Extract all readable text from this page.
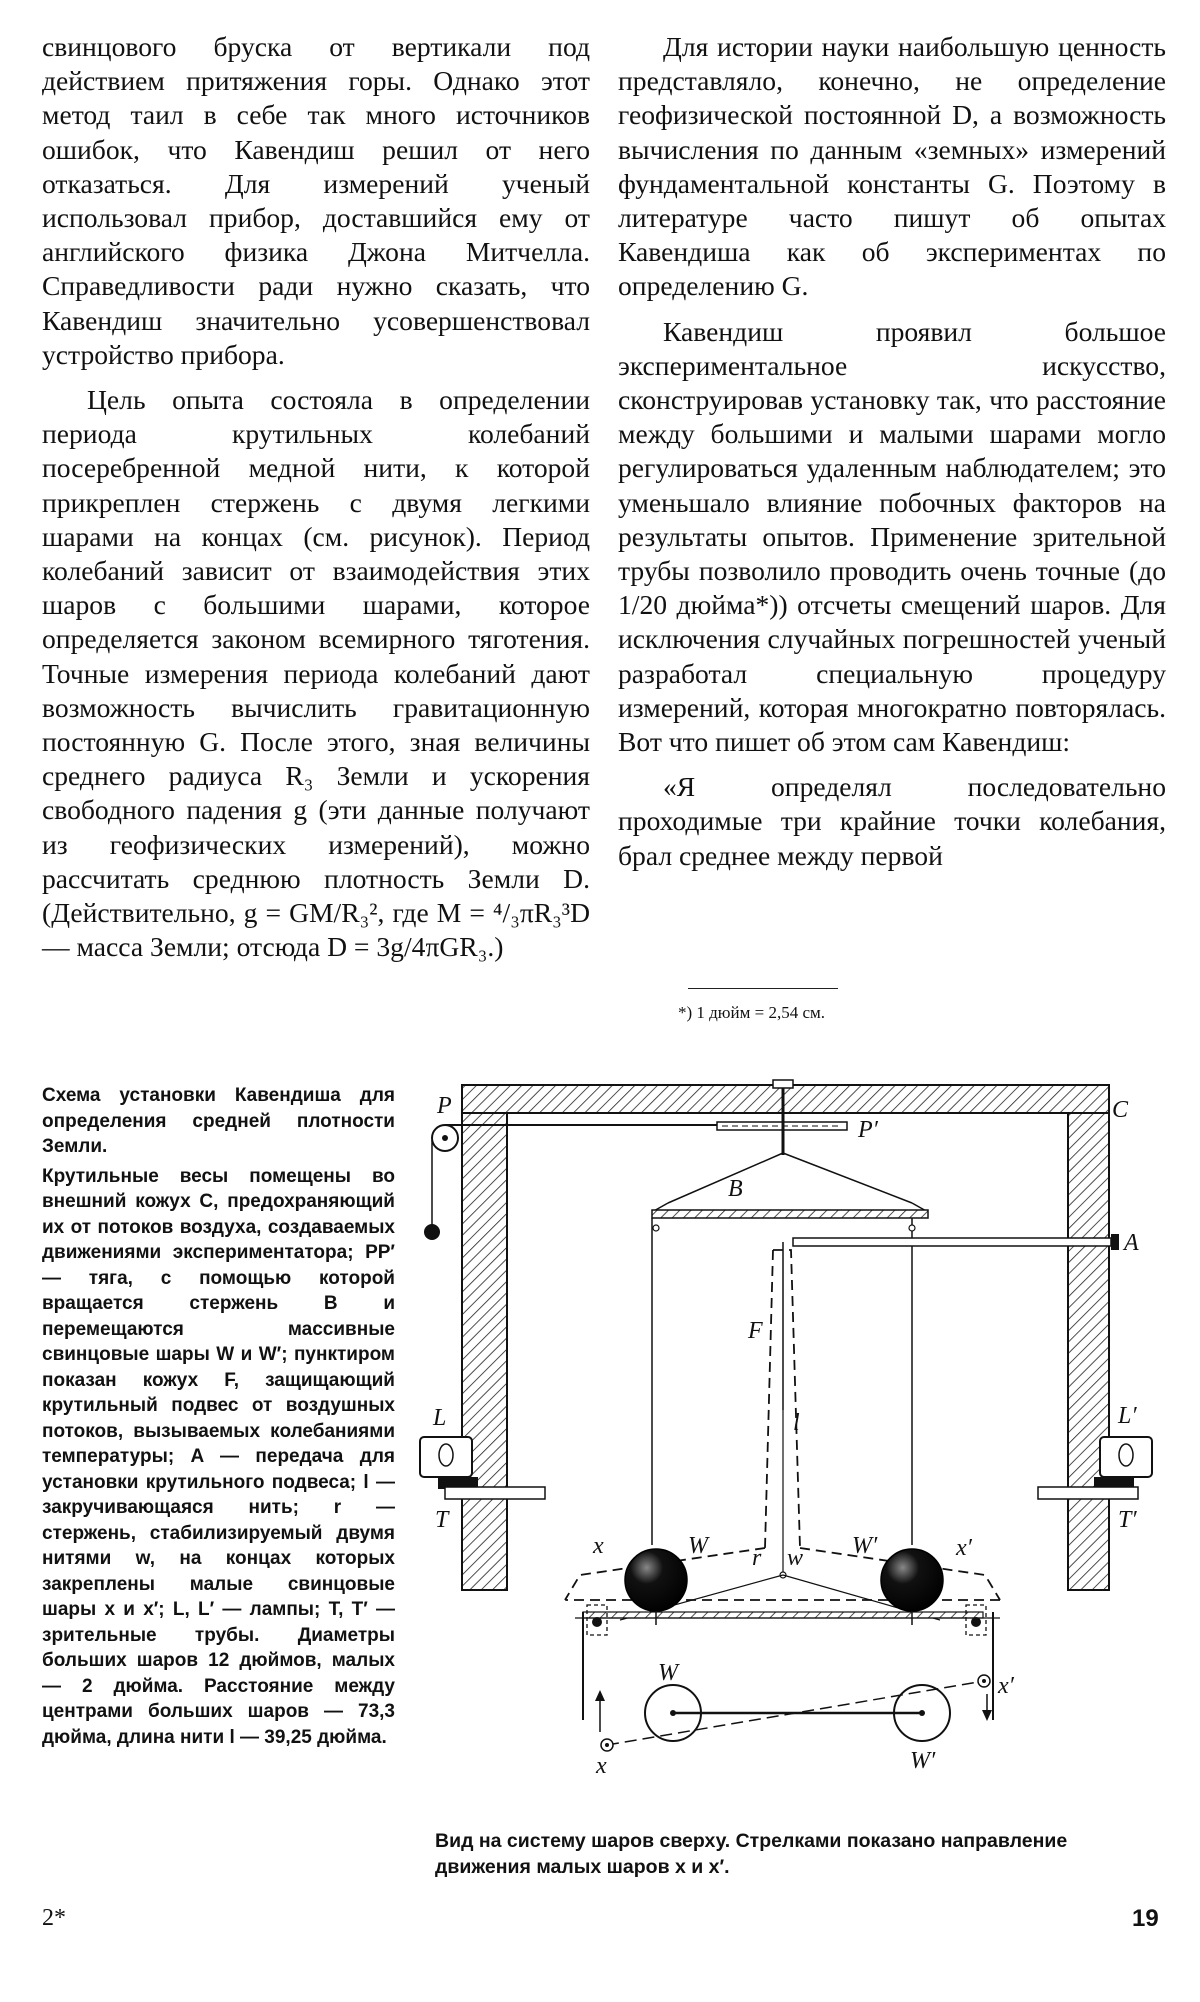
свинцового бруска от вертикали под действием притяжения горы. Однако этот метод таил в себе так много источников ошибок, что Кавендиш решил от него отказаться. Для измерений ученый использовал прибор, доставшийся ему от английского физика Джона Митчелла. Справедливости ради нужно сказать, что Кавендиш значительно усовершенствовал устройство прибора.

Цель опыта состояла в определении периода крутильных колебаний посеребренной медной нити, к которой прикреплен стержень с двумя легкими шарами на концах (см. рисунок). Период колебаний зависит от взаимодействия этих шаров с большими шарами, которое определяется законом всемирного тяготения. Точные измерения периода колебаний дают возможность вычислить гравитационную постоянную G. После этого, зная величины среднего радиуса R₃ Земли и ускорения свободного падения g (эти данные получают из геофизических измерений), можно рассчитать среднюю плотность Земли D. (Действительно, g = GM/R₃², где M = ⁴/₃πR₃³D — масса Земли; отсюда D = 3g/4πGR₃.)

Для истории науки наибольшую ценность представляло, конечно, не определение геофизической постоянной D, а возможность вычисления по данным «земных» измерений фундаментальной константы G. Поэтому в литературе часто пишут об опытах Кавендиша как об экспериментах по определению G.

Кавендиш проявил большое экспериментальное искусство, сконструировав установку так, что расстояние между большими и малыми шарами могло регулироваться удаленным наблюдателем; это уменьшало влияние побочных факторов на результаты опытов. Применение зрительной трубы позволило проводить очень точные (до 1/20 дюйма*)) отсчеты смещений шаров. Для исключения случайных погрешностей ученый разработал специальную процедуру измерений, которая многократно повторялась. Вот что пишет об этом сам Кавендиш:

«Я определял последовательно проходимые три крайние точки колебания, брал среднее между первой

*) 1 дюйм = 2,54 см.

Схема установки Кавендиша для определения средней плотности Земли.

Крутильные весы помещены во внешний кожух C, предохраняющий их от потоков воздуха, создаваемых движениями экспериментатора; PP′ — тяга, с помощью которой вращается стержень B и перемещаются массивные свинцовые шары W и W′; пунктиром показан кожух F, защищающий крутильный подвес от воздушных потоков, вызываемых колебаниями температуры; A — передача для установки крутильного подвеса; l — закручивающаяся нить; r — стержень, стабилизируемый двумя нитями w, на концах которых закреплены малые свинцовые шары x и x′; L, L′ — лампы; T, T′ — зрительные трубы. Диаметры больших шаров 12 дюймов, малых — 2 дюйма. Расстояние между центрами больших шаров — 73,3 дюйма, длина нити l — 39,25 дюйма.

Вид на систему шаров сверху. Стрелками показано направление движения малых шаров x и x′.
P
P′
C
B
A
F
l
L	L′
T	T′
r w
W	W′
x	x′
W
W′
x
x′
2*	19
